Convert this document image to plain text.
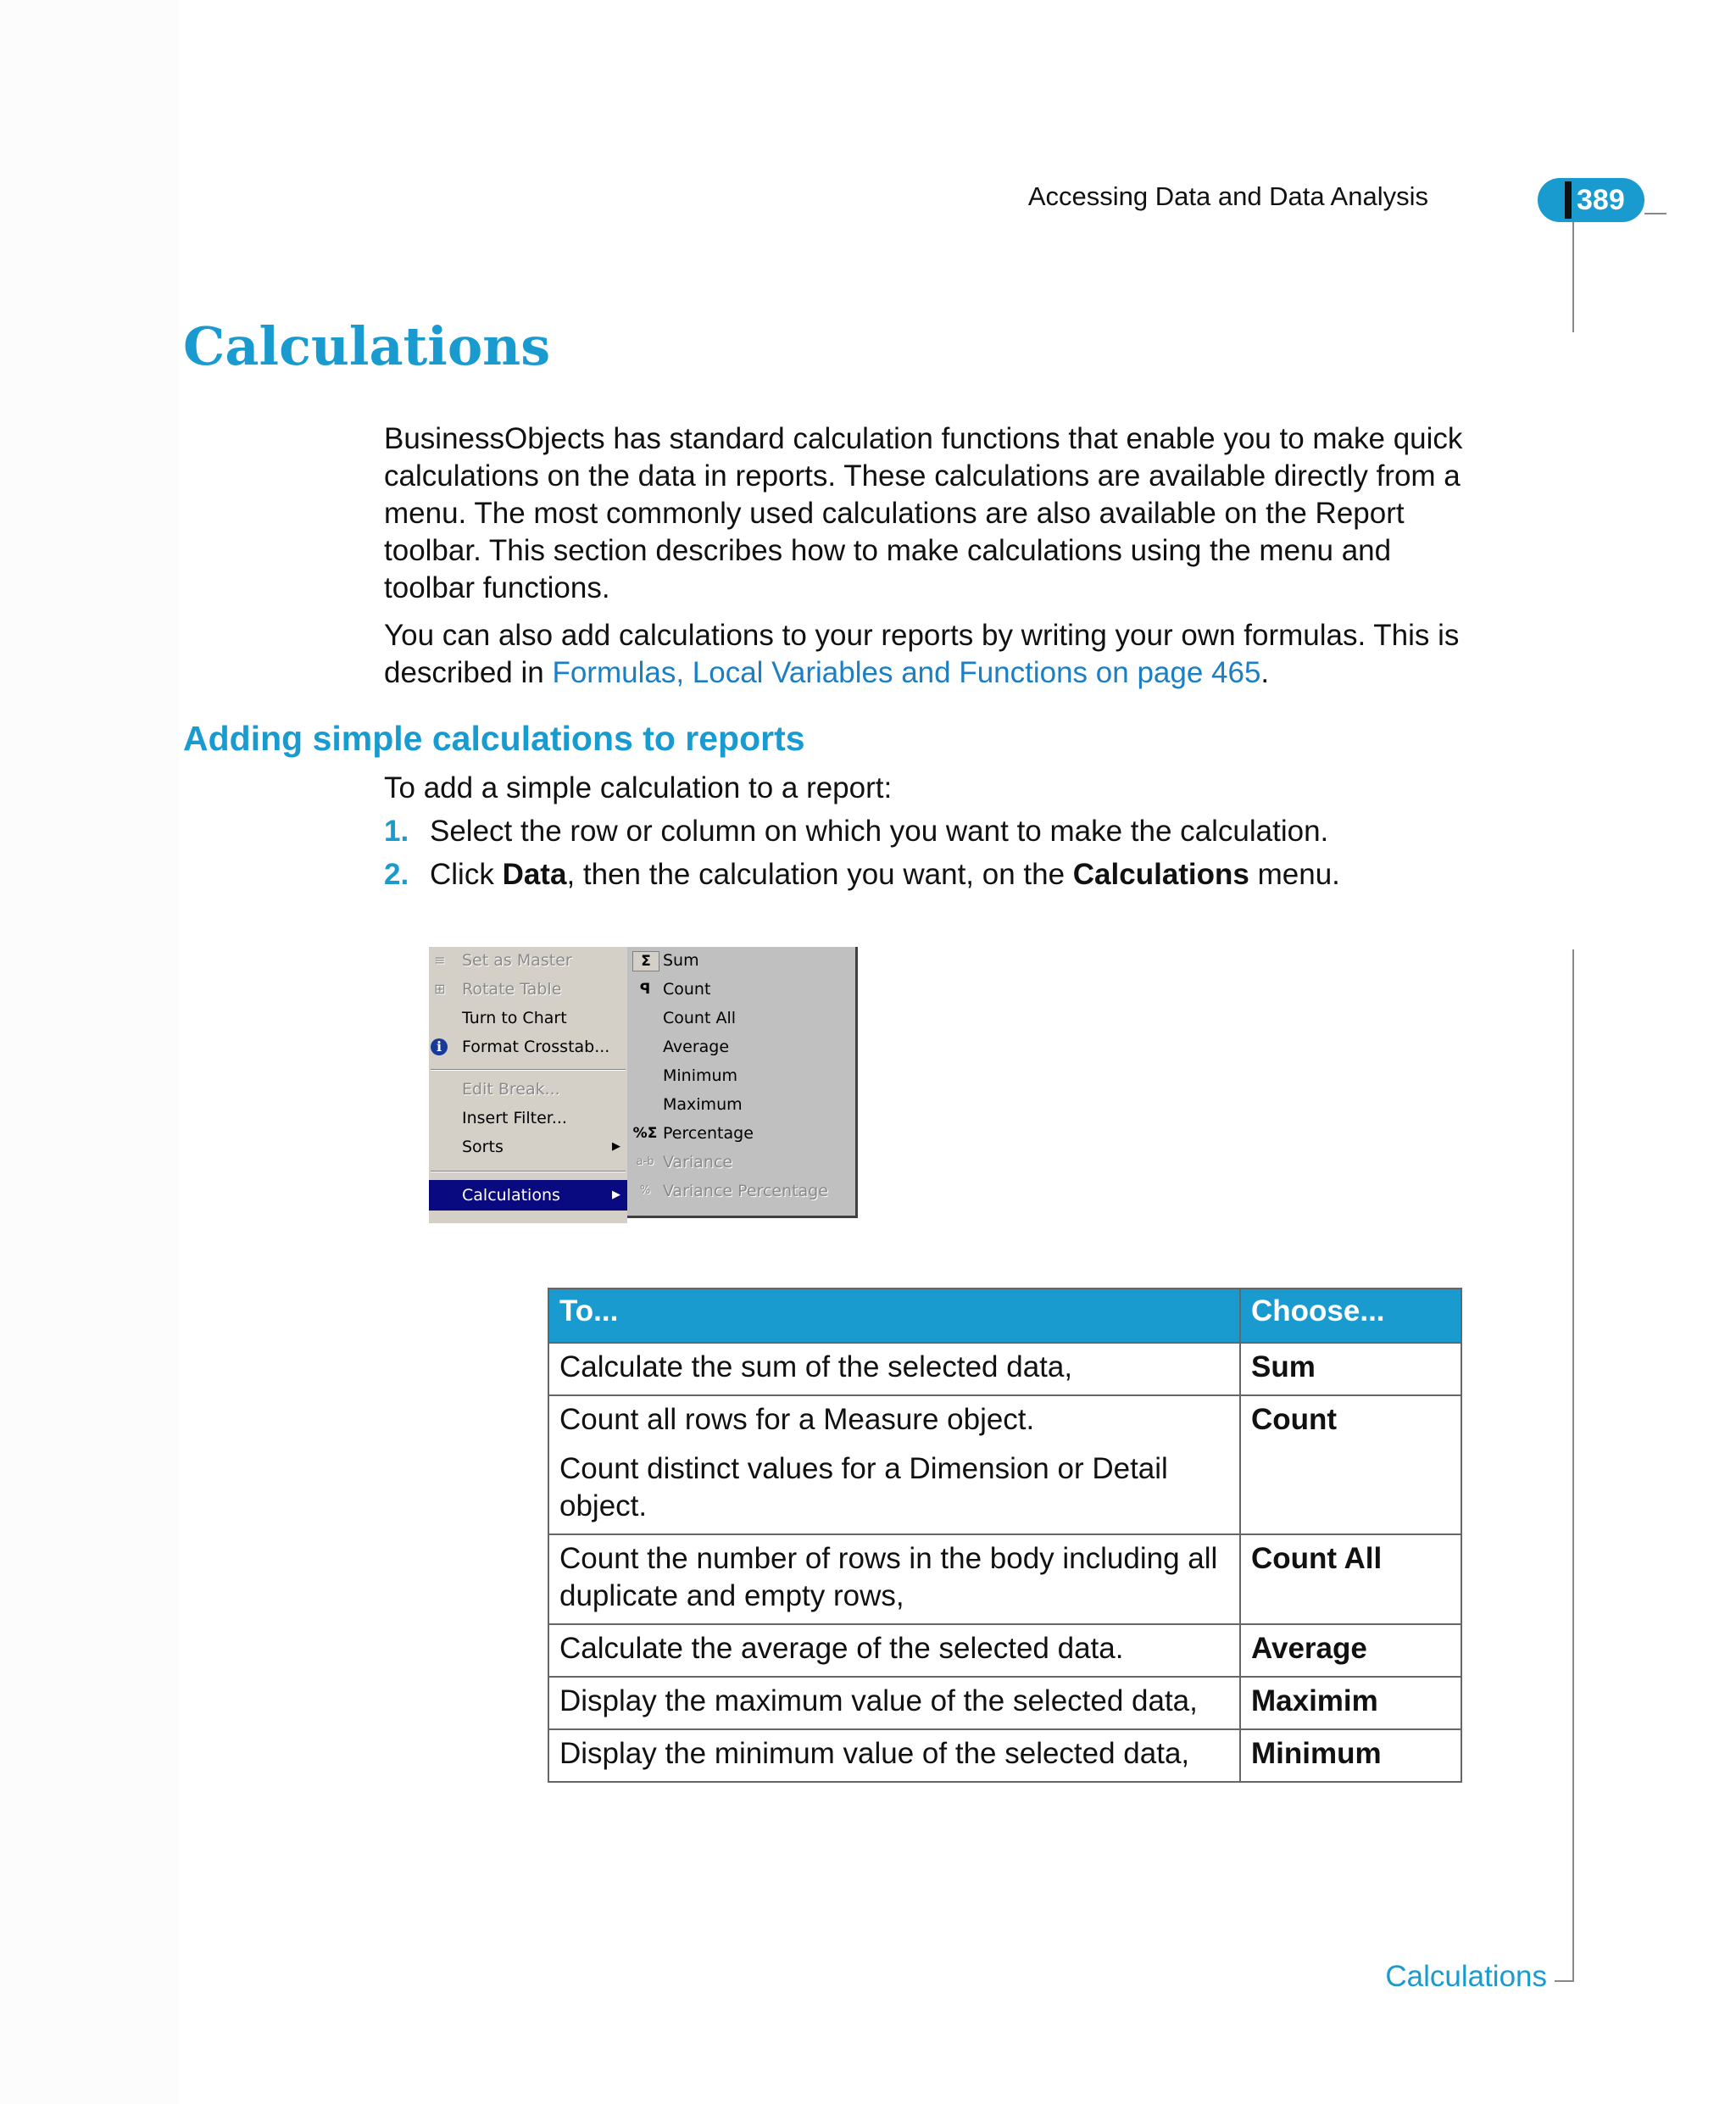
Accessing Data and Data Analysis	389
Calculations

BusinessObjects has standard calculation functions that enable you to make quick calculations on the data in reports. These calculations are available directly from a menu. The most commonly used calculations are also available on the Report toolbar. This section describes how to make calculations using the menu and toolbar functions.

You can also add calculations to your reports by writing your own formulas. This is described in Formulas, Local Variables and Functions on page 465.

Adding simple calculations to reports
To add a simple calculation to a report:
1. Select the row or column on which you want to make the calculation.
2. Click Data, then the calculation you want, on the Calculations menu.
≡ Set as Master
⊞ Rotate Table
Turn to Chart
ℹ	Format Crosstab...
Edit Break...
Insert Filter...
Sorts	▶
Calculations	▶
Σ Sum
ꟼ Count
Count All
Average
Minimum
Maximum
%Σ Percentage
a-b Variance
% Variance Percentage
To...	Choose...

Calculate the sum of the selected data,	Sum

Count all rows for a Measure object.

Count distinct values for a Dimension or Detail object.	Count

Count the number of rows in the body including all duplicate and empty rows,	Count All

Calculate the average of the selected data.	Average

Display the maximum value of the selected data,	Maximim

Display the minimum value of the selected data,	Minimum
Calculations
